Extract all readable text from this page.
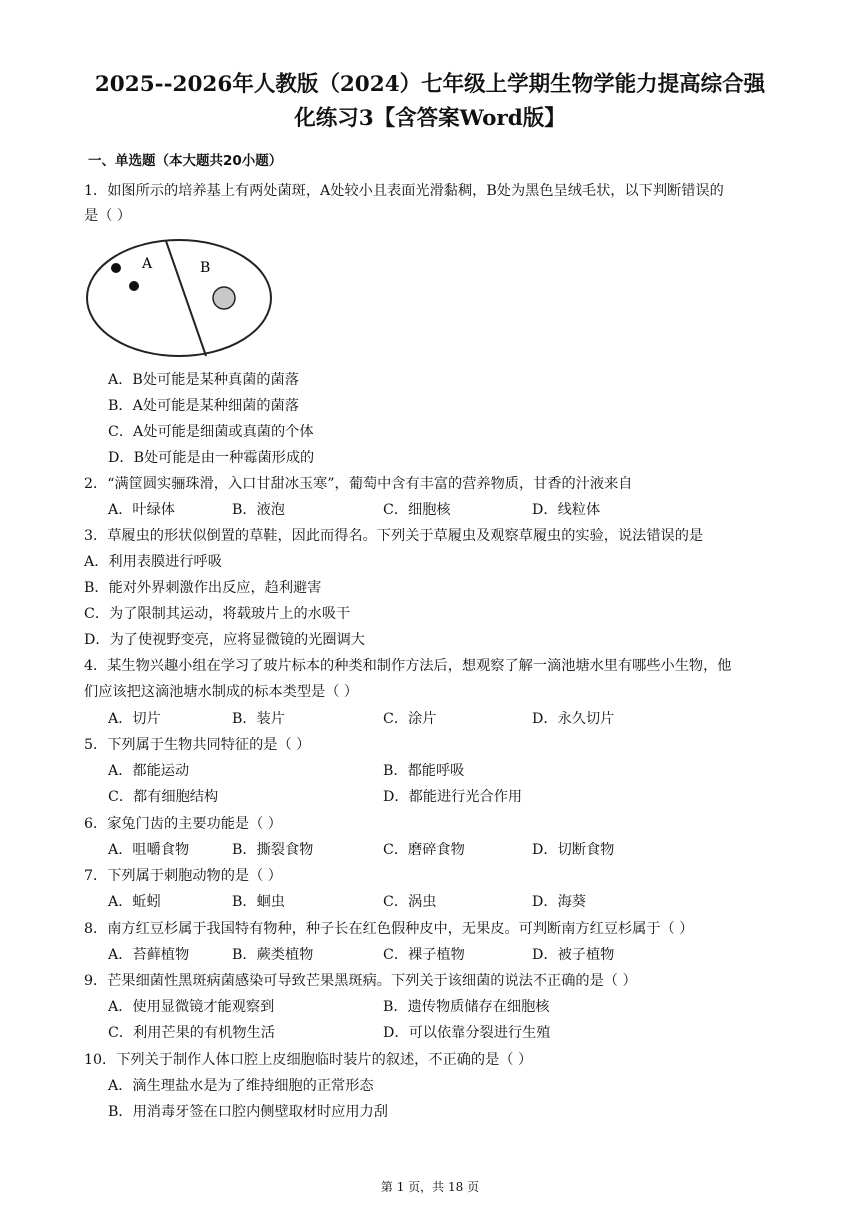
2025--2026年人教版（2024）七年级上学期生物学能力提高综合强
化练习3【含答案Word版】
一、单选题（本大题共20小题）
1．如图所示的培养基上有两处菌斑，A处较小且表面光滑黏稠，B处为黑色呈绒毛状，以下判断错误的
是（ ）
A	B
A．B处可能是某种真菌的菌落
B．A处可能是某种细菌的菌落
C．A处可能是细菌或真菌的个体
D．B处可能是由一种霉菌形成的
2．“满筐圆实骊珠滑，入口甘甜冰玉寒”，葡萄中含有丰富的营养物质，甘香的汁液来自
A．叶绿体	B．液泡	C．细胞核	D．线粒体
3．草履虫的形状似倒置的草鞋，因此而得名。下列关于草履虫及观察草履虫的实验，说法错误的是
A．利用表膜进行呼吸
B．能对外界刺激作出反应，趋利避害
C．为了限制其运动，将载玻片上的水吸干
D．为了使视野变亮，应将显微镜的光圈调大
4．某生物兴趣小组在学习了玻片标本的种类和制作方法后，想观察了解一滴池塘水里有哪些小生物，他
们应该把这滴池塘水制成的标本类型是（ ）
A．切片	B．装片	C．涂片	D．永久切片
5．下列属于生物共同特征的是（ ）
A．都能运动	B．都能呼吸
C．都有细胞结构	D．都能进行光合作用
6．家兔门齿的主要功能是（ ）
A．咀嚼食物	B．撕裂食物	C．磨碎食物	D．切断食物
7．下列属于刺胞动物的是（ ）
A．蚯蚓	B．蛔虫	C．涡虫	D．海葵
8．南方红豆杉属于我国特有物种，种子长在红色假种皮中，无果皮。可判断南方红豆杉属于（ ）
A．苔藓植物	B．蕨类植物	C．裸子植物	D．被子植物
9．芒果细菌性黑斑病菌感染可导致芒果黑斑病。下列关于该细菌的说法不正确的是（ ）
A．使用显微镜才能观察到	B．遗传物质储存在细胞核
C．利用芒果的有机物生活	D．可以依靠分裂进行生殖
10．下列关于制作人体口腔上皮细胞临时装片的叙述，不正确的是（ ）
A．滴生理盐水是为了维持细胞的正常形态
B．用消毒牙签在口腔内侧壁取材时应用力刮
第 1 页，共 18 页
